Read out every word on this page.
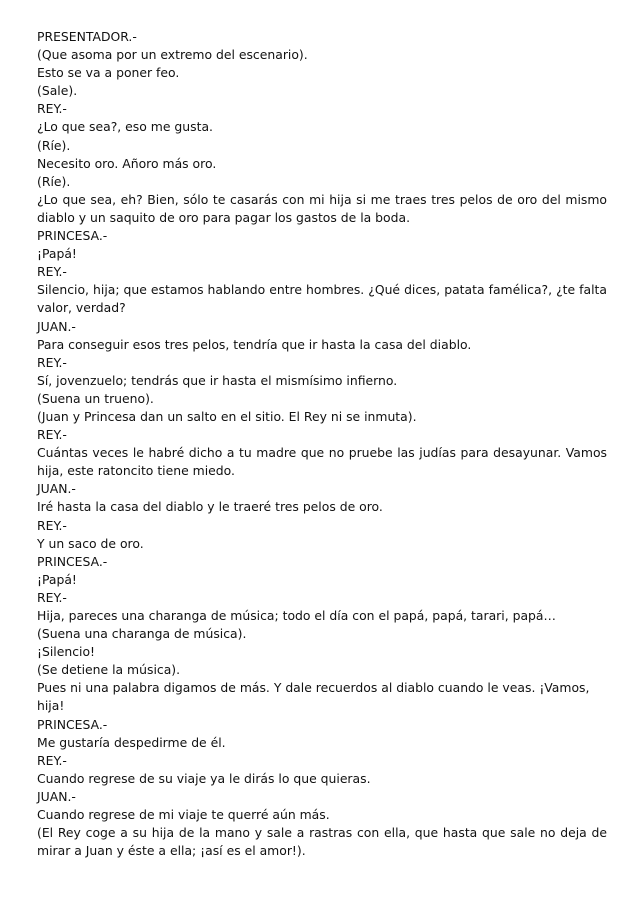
PRESENTADOR.-

(Que asoma por un extremo del escenario).

Esto se va a poner feo.

(Sale).

REY.-

¿Lo que sea?, eso me gusta.

(Ríe).

Necesito oro. Añoro más oro.

(Ríe).

¿Lo que sea, eh? Bien, sólo te casarás con mi hija si me traes tres pelos de oro del mismo diablo y un saquito de oro para pagar los gastos de la boda.

PRINCESA.-

¡Papá!

REY.-

Silencio, hija; que estamos hablando entre hombres. ¿Qué dices, patata famélica?, ¿te falta valor, verdad?

JUAN.-

Para conseguir esos tres pelos, tendría que ir hasta la casa del diablo.

REY.-

Sí, jovenzuelo; tendrás que ir hasta el mismísimo infierno.

(Suena un trueno).

(Juan y Princesa dan un salto en el sitio. El Rey ni se inmuta).

REY.-

Cuántas veces le habré dicho a tu madre que no pruebe las judías para desayunar. Vamos hija, este ratoncito tiene miedo.

JUAN.-

Iré hasta la casa del diablo y le traeré tres pelos de oro.

REY.-

Y un saco de oro.

PRINCESA.-

¡Papá!

REY.-

Hija, pareces una charanga de música; todo el día con el papá, papá, tarari, papá…

(Suena una charanga de música).

¡Silencio!

(Se detiene la música).

Pues ni una palabra digamos de más. Y dale recuerdos al diablo cuando le veas. ¡Vamos, hija!

PRINCESA.-

Me gustaría despedirme de él.

REY.-

Cuando regrese de su viaje ya le dirás lo que quieras.

JUAN.-

Cuando regrese de mi viaje te querré aún más.

(El Rey coge a su hija de la mano y sale a rastras con ella, que hasta que sale no deja de mirar a Juan y éste a ella; ¡así es el amor!).
